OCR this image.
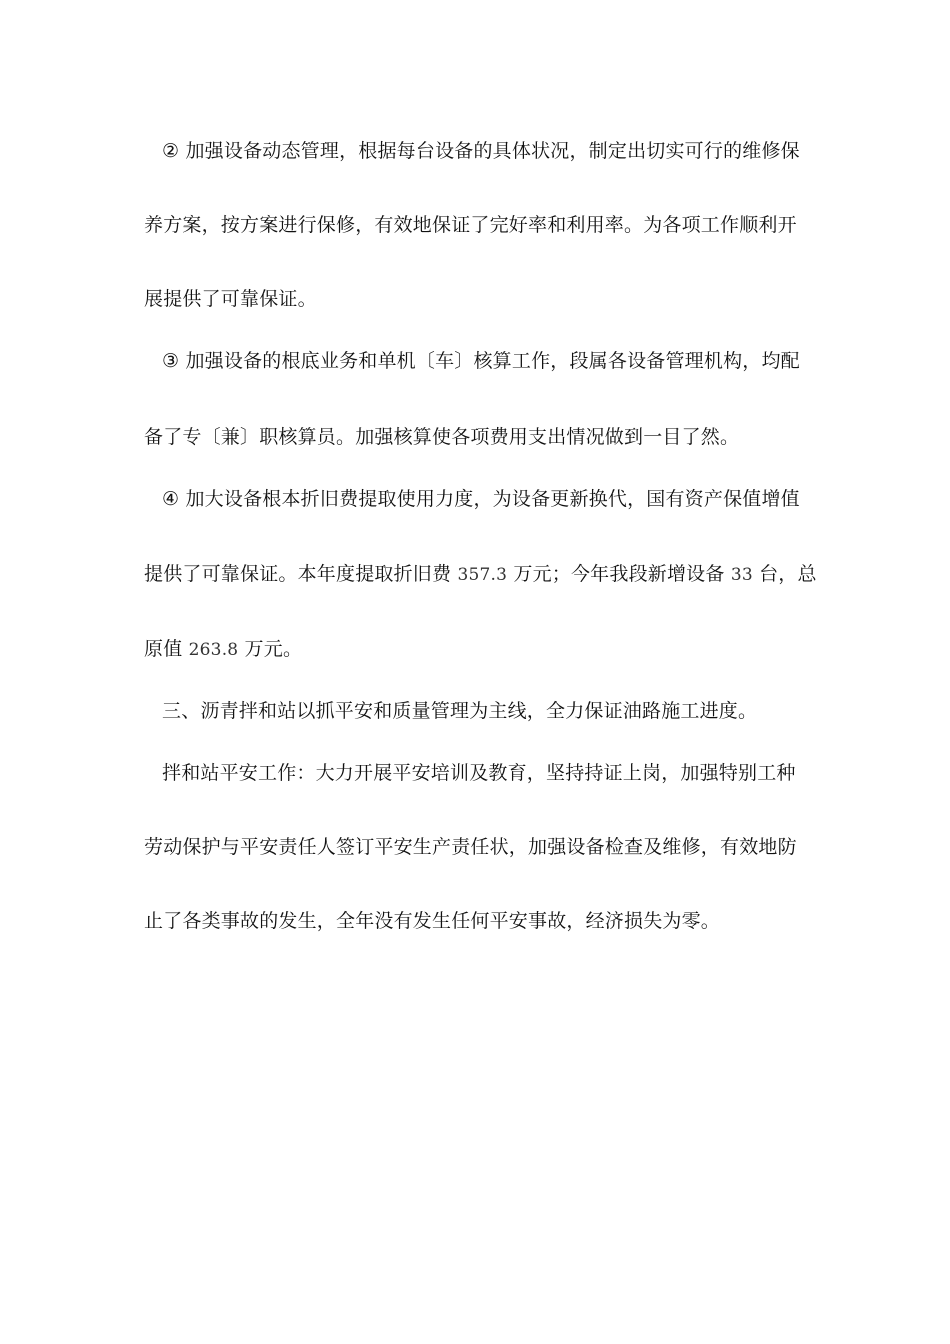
② 加强设备动态管理，根据每台设备的具体状况，制定出切实可行的维修保
养方案，按方案进行保修，有效地保证了完好率和利用率。为各项工作顺利开
展提供了可靠保证。
③ 加强设备的根底业务和单机〔车〕核算工作，段属各设备管理机构，均配
备了专〔兼〕职核算员。加强核算使各项费用支出情况做到一目了然。
④ 加大设备根本折旧费提取使用力度，为设备更新换代，国有资产保值增值
提供了可靠保证。本年度提取折旧费 357.3 万元；今年我段新增设备 33 台，总
原值 263.8 万元。
三、沥青拌和站以抓平安和质量管理为主线，全力保证油路施工进度。
拌和站平安工作：大力开展平安培训及教育，坚持持证上岗，加强特别工种
劳动保护与平安责任人签订平安生产责任状，加强设备检查及维修，有效地防
止了各类事故的发生，全年没有发生任何平安事故，经济损失为零。
